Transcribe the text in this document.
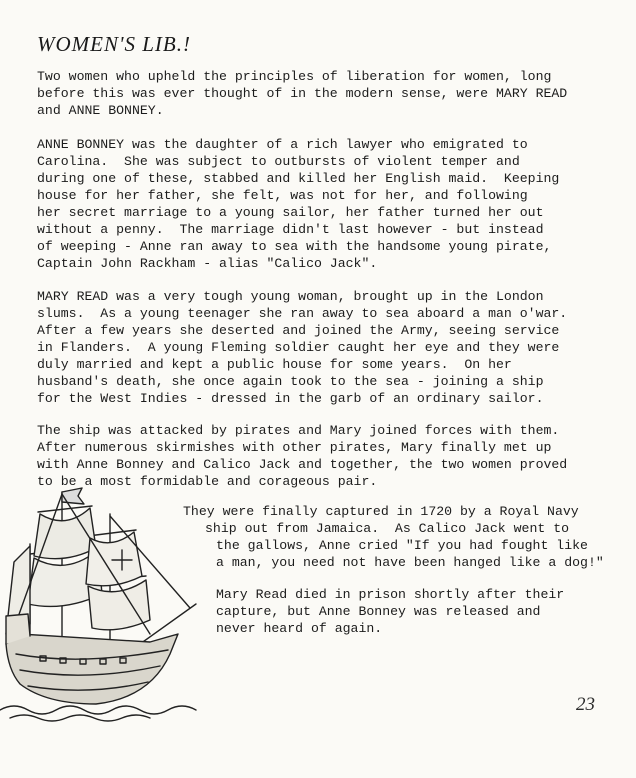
WOMEN'S LIB.!

Two women who upheld the principles of liberation for women, long
before this was ever thought of in the modern sense, were MARY READ
and ANNE BONNEY.

ANNE BONNEY was the daughter of a rich lawyer who emigrated to
Carolina.  She was subject to outbursts of violent temper and
during one of these, stabbed and killed her English maid.  Keeping
house for her father, she felt, was not for her, and following
her secret marriage to a young sailor, her father turned her out
without a penny.  The marriage didn't last however - but instead
of weeping - Anne ran away to sea with the handsome young pirate,
Captain John Rackham - alias "Calico Jack".

MARY READ was a very tough young woman, brought up in the London
slums.  As a young teenager she ran away to sea aboard a man o'war.
After a few years she deserted and joined the Army, seeing service
in Flanders.  A young Fleming soldier caught her eye and they were
duly married and kept a public house for some years.  On her
husband's death, she once again took to the sea - joining a ship
for the West Indies - dressed in the garb of an ordinary sailor.

The ship was attacked by pirates and Mary joined forces with them.
After numerous skirmishes with other pirates, Mary finally met up
with Anne Bonney and Calico Jack and together, the two women proved
to be a most formidable and coragеous pair.

They were finally captured in 1720 by a Royal Navy
ship out from Jamaica.  As Calico Jack went to
the gallows, Anne cried "If you had fought like
a man, you need not have been hanged like a dog!"

Mary Read died in prison shortly after their
capture, but Anne Bonney was released and
never heard of again.

23
